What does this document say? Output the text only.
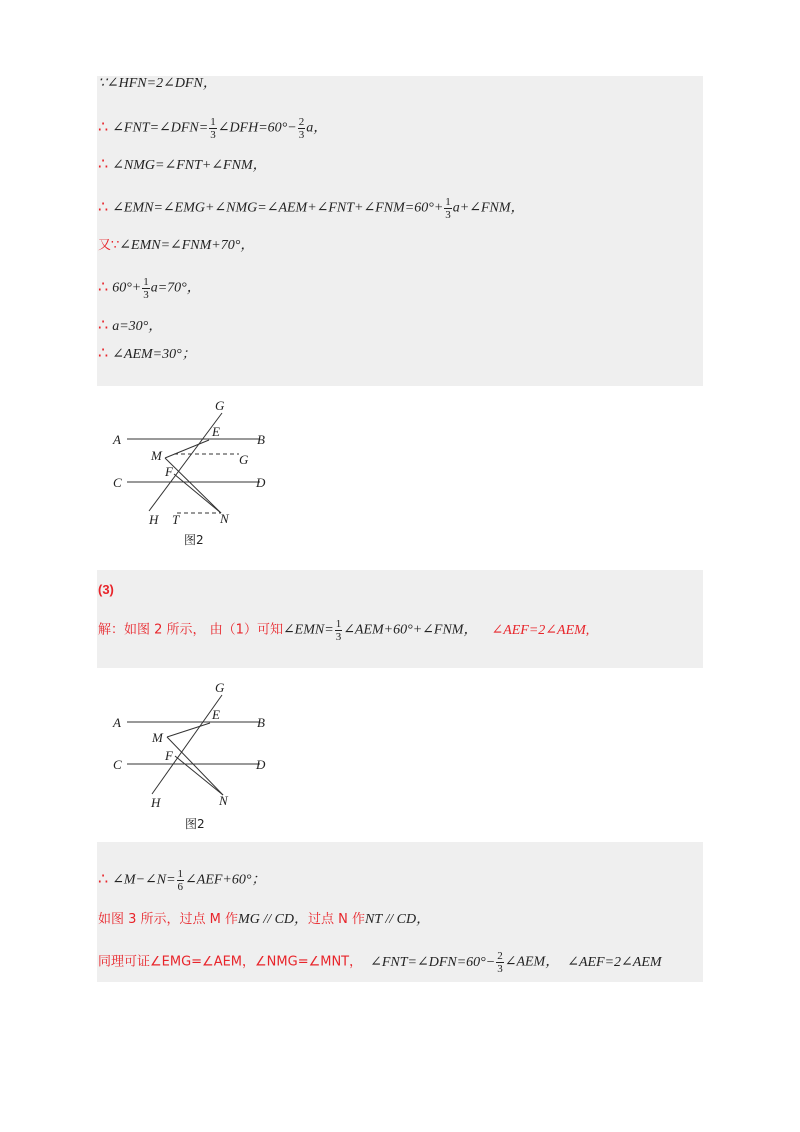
∵∠HFN=2∠DFN，
∴ ∠FNT=∠DFN= $\frac{1}{3}$ ∠DFH=60°− $\frac{2}{3}$ a，
∴ ∠NMG=∠FNT+∠FNM，
∴ ∠EMN=∠EMG+∠NMG=∠AEM+∠FNT+∠FNM=60°+ $\frac{1}{3}$ a+∠FNM，
又∵∠EMN=∠FNM+70°，
∴ $60^\circ+ \frac{1}{3} a=70^\circ$，
∴ a=30°，
∴ ∠AEM=30°；
G
A
E
B
M	G
F
C	D
H T	N
图2
(3)
解：如图 2 所示， 由（1）可知∠EMN= $\frac{1}{3}$ ∠AEM+60°+∠FNM， ∠AEF=2∠AEM,
G
A
E
B
M
F
C	D
H	N
图2
∴ ∠M−∠N= $\frac{1}{6}$ ∠AEF+60°；
如图 3 所示，过点 M 作MG // CD，过点 N 作NT // CD，
同理可证∠EMG=∠AEM，∠NMG=∠MNT， ∠FNT=∠DFN=60°− $\frac{2}{3}$ ∠AEM， ∠AEF=2∠AEM
